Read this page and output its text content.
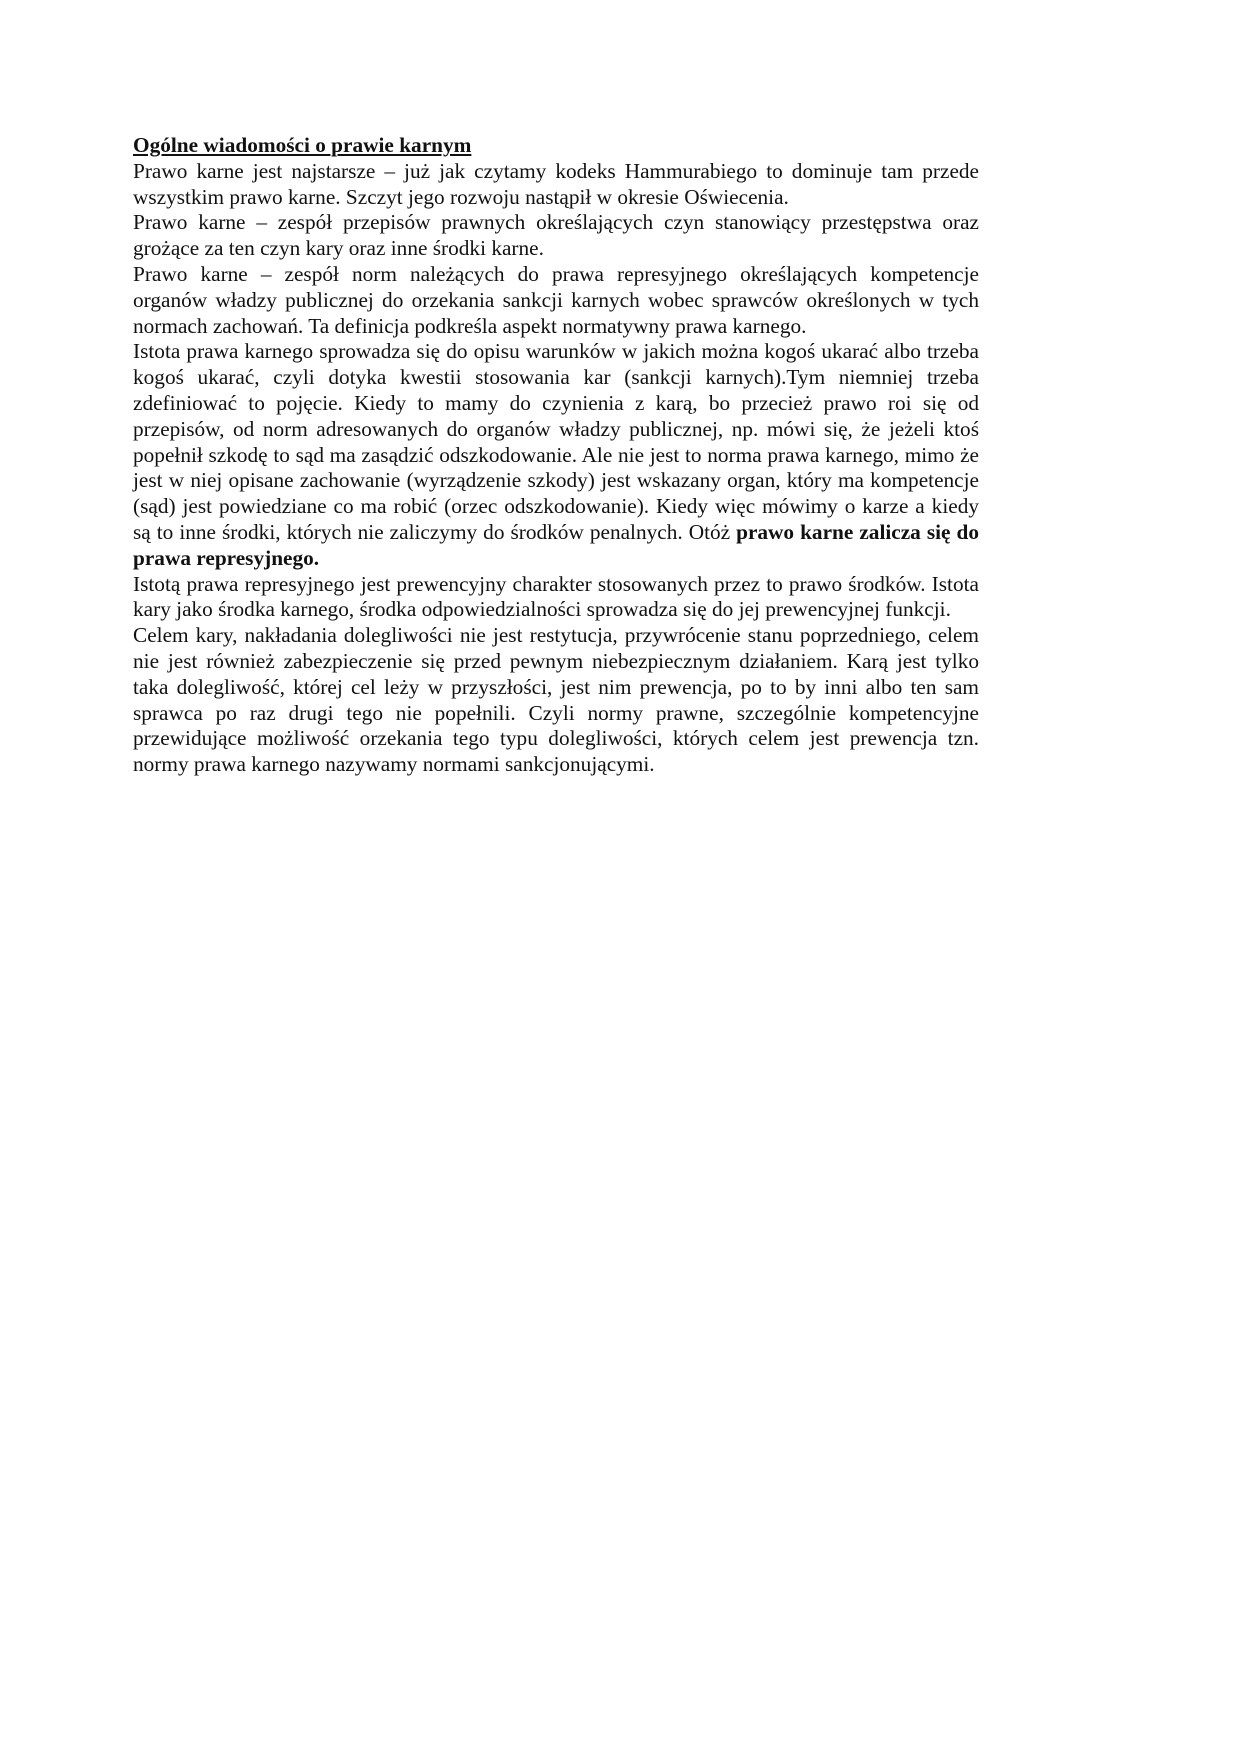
Ogólne wiadomości o prawie karnym

Prawo karne jest najstarsze – już jak czytamy kodeks Hammurabiego to dominuje tam przede wszystkim prawo karne. Szczyt jego rozwoju nastąpił w okresie Oświecenia.

Prawo karne – zespół przepisów prawnych określających czyn stanowiący przestępstwa oraz grożące za ten czyn kary oraz inne środki karne.

Prawo karne – zespół norm należących do prawa represyjnego określających kompetencje organów władzy publicznej do orzekania sankcji karnych wobec sprawców określonych w tych normach zachowań. Ta definicja podkreśla aspekt normatywny prawa karnego.

Istota prawa karnego sprowadza się do opisu warunków w jakich można kogoś ukarać albo trzeba kogoś ukarać, czyli dotyka kwestii stosowania kar (sankcji karnych).Tym niemniej trzeba zdefiniować to pojęcie. Kiedy to mamy do czynienia z karą, bo przecież prawo roi się od przepisów, od norm adresowanych do organów władzy publicznej, np. mówi się, że jeżeli ktoś popełnił szkodę to sąd ma zasądzić odszkodowanie. Ale nie jest to norma prawa karnego, mimo że jest w niej opisane zachowanie (wyrządzenie szkody) jest wskazany organ, który ma kompetencje (sąd) jest powiedziane co ma robić (orzec odszkodowanie). Kiedy więc mówimy o karze a kiedy są to inne środki, których nie zaliczymy do środków penalnych. Otóż prawo karne zalicza się do prawa represyjnego.

Istotą prawa represyjnego jest prewencyjny charakter stosowanych przez to prawo środków. Istota kary jako środka karnego, środka odpowiedzialności sprowadza się do jej prewencyjnej funkcji.

Celem kary, nakładania dolegliwości nie jest restytucja, przywrócenie stanu poprzedniego, celem nie jest również zabezpieczenie się przed pewnym niebezpiecznym działaniem. Karą jest tylko taka dolegliwość, której cel leży w przyszłości, jest nim prewencja, po to by inni albo ten sam sprawca po raz drugi tego nie popełnili. Czyli normy prawne, szczególnie kompetencyjne przewidujące możliwość orzekania tego typu dolegliwości, których celem jest prewencja tzn. normy prawa karnego nazywamy normami sankcjonującymi.
